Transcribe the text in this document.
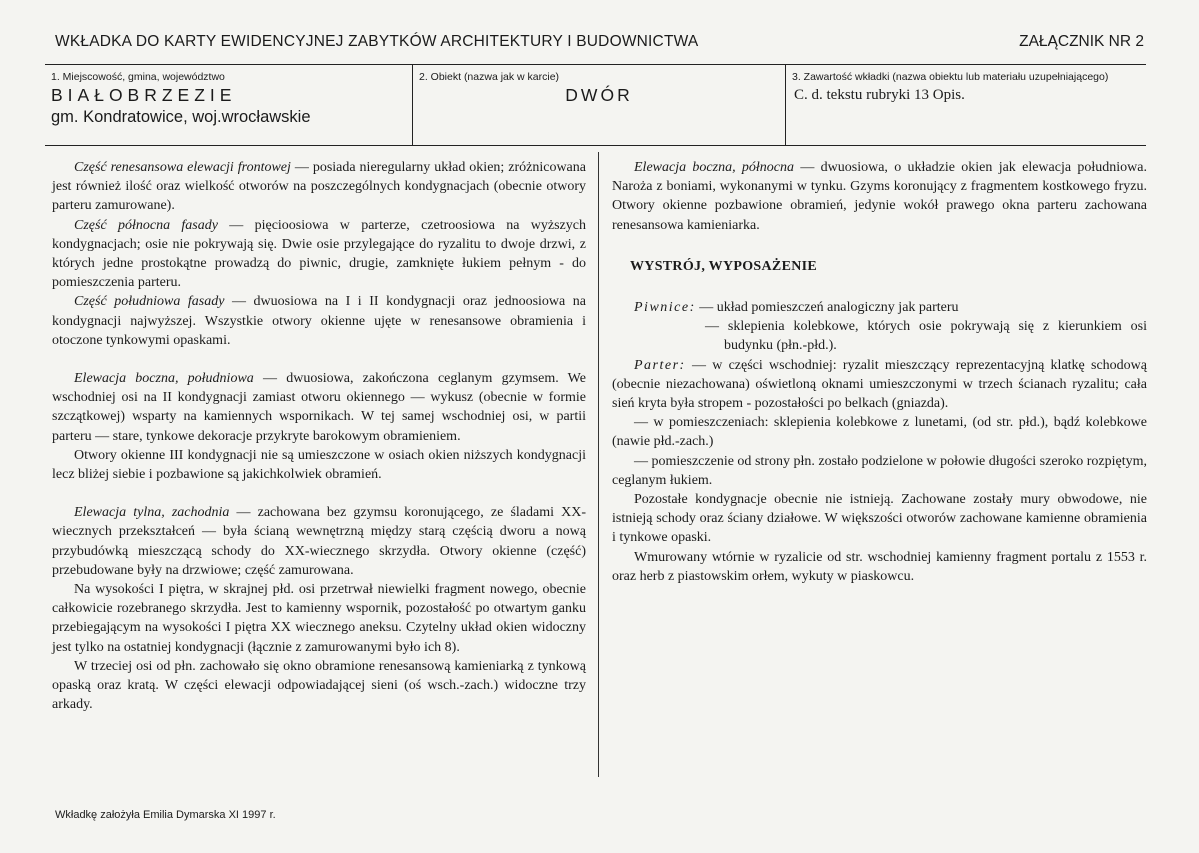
WKŁADKA DO KARTY EWIDENCYJNEJ ZABYTKÓW ARCHITEKTURY I BUDOWNICTWA	ZAŁĄCZNIK NR 2
1. Miejscowość, gmina, województwo
BIAŁOBRZEZIE
gm. Kondratowice, woj.wrocławskie
2. Obiekt (nazwa jak w karcie)
DWÓR
3. Zawartość wkładki (nazwa obiektu lub materiału uzupełniającego)
C. d. tekstu rubryki 13 Opis.

Część renesansowa elewacji frontowej — posiada nieregularny układ okien; zróżnicowana jest również ilość oraz wielkość otworów na poszczególnych kondygnacjach (obecnie otwory parteru zamurowane).

Część północna fasady — pięcioosiowa w parterze, czetroosiowa na wyższych kondygnacjach; osie nie pokrywają się. Dwie osie przylegające do ryzalitu to dwoje drzwi, z których jedne prostokątne prowadzą do piwnic, drugie, zamknięte łukiem pełnym - do pomieszczenia parteru.

Część południowa fasady — dwuosiowa na I i II kondygnacji oraz jednoosiowa na kondygnacji najwyższej. Wszystkie otwory okienne ujęte w renesansowe obramienia i otoczone tynkowymi opaskami.

Elewacja boczna, południowa — dwuosiowa, zakończona ceglanym gzymsem. We wschodniej osi na II kondygnacji zamiast otworu okiennego — wykusz (obecnie w formie szczątkowej) wsparty na kamiennych wspornikach. W tej samej wschodniej osi, w partii parteru — stare, tynkowe dekoracje przykryte barokowym obramieniem.

Otwory okienne III kondygnacji nie są umieszczone w osiach okien niższych kondygnacji lecz bliżej siebie i pozbawione są jakichkolwiek obramień.

Elewacja tylna, zachodnia — zachowana bez gzymsu koronującego, ze śladami XX-wiecznych przekształceń — była ścianą wewnętrzną między starą częścią dworu a nową przybudówką mieszczącą schody do XX-wiecznego skrzydła. Otwory okienne (część) przebudowane były na drzwiowe; część zamurowana.

Na wysokości I piętra, w skrajnej płd. osi przetrwał niewielki fragment nowego, obecnie całkowicie rozebranego skrzydła. Jest to kamienny wspornik, pozostałość po otwartym ganku przebiegającym na wysokości I piętra XX wiecznego aneksu. Czytelny układ okien widoczny jest tylko na ostatniej kondygnacji (łącznie z zamurowanymi było ich 8).

W trzeciej osi od płn. zachowało się okno obramione renesansową kamieniarką z tynkową opaską oraz kratą. W części elewacji odpowiadającej sieni (oś wsch.-zach.) widoczne trzy arkady.

Elewacja boczna, północna — dwuosiowa, o układzie okien jak elewacja południowa. Naroża z boniami, wykonanymi w tynku. Gzyms koronujący z fragmentem kostkowego fryzu. Otwory okienne pozbawione obramień, jedynie wokół prawego okna parteru zachowana renesansowa kamieniarka.

WYSTRÓJ, WYPOSAŻENIE

Piwnice: — układ pomieszczeń analogiczny jak parteru

— sklepienia kolebkowe, których osie pokrywają się z kierunkiem osi budynku (płn.-płd.).

Parter: — w części wschodniej: ryzalit mieszczący reprezentacyjną klatkę schodową (obecnie niezachowana) oświetloną oknami umieszczonymi w trzech ścianach ryzalitu; cała sień kryta była stropem - pozostałości po belkach (gniazda).

— w pomieszczeniach: sklepienia kolebkowe z lunetami, (od str. płd.), bądź kolebkowe (nawie płd.-zach.)

— pomieszczenie od strony płn. zostało podzielone w połowie długości szeroko rozpiętym, ceglanym łukiem.

Pozostałe kondygnacje obecnie nie istnieją. Zachowane zostały mury obwodowe, nie istnieją schody oraz ściany działowe. W większości otworów zachowane kamienne obramienia i tynkowe opaski.

Wmurowany wtórnie w ryzalicie od str. wschodniej kamienny fragment portalu z 1553 r. oraz herb z piastowskim orłem, wykuty w piaskowcu.

Wkładkę założyła Emilia Dymarska XI 1997 r.
